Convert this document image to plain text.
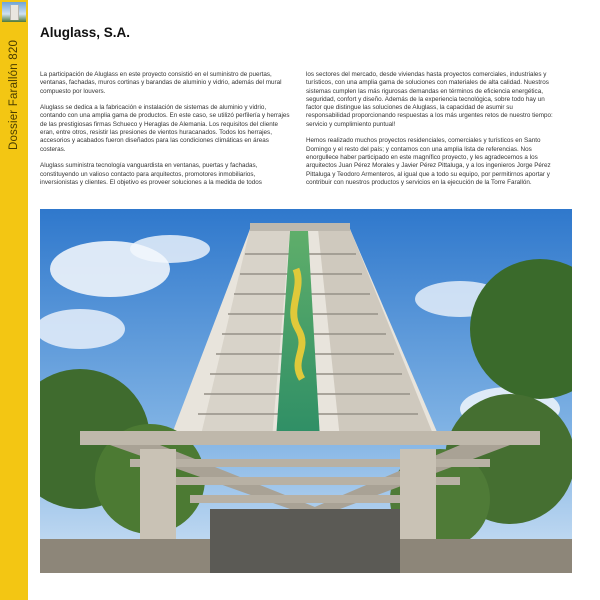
Dossier Farallón 820
Aluglass, S.A.

La participación de Aluglass en este proyecto consistió en el suministro de puertas, ventanas, fachadas, muros cortinas y barandas de aluminio y vidrio, además del mural compuesto por louvers.

Aluglass se dedica a la fabricación e instalación de sistemas de aluminio y vidrio, contando con una amplia gama de productos. En este caso, se utilizó perfilería y herrajes de las prestigiosas firmas Schueco y Heraglas de Alemania. Los requisitos del cliente eran, entre otros, resistir las presiones de vientos huracanados. Todos los herrajes, accesorios y acabados fueron diseñados para las condiciones climáticas en áreas costeras.

Aluglass suministra tecnología vanguardista en ventanas, puertas y fachadas, constituyendo un valioso contacto para arquitectos, promotores inmobiliarios, inversionistas y clientes. El objetivo es proveer soluciones a la medida de todos

los sectores del mercado, desde viviendas hasta proyectos comerciales, industriales y turísticos, con una amplia gama de soluciones con materiales de alta calidad. Nuestros sistemas cumplen las más rigurosas demandas en términos de eficiencia energética, seguridad, confort y diseño. Además de la experiencia tecnológica, sobre todo hay un factor que distingue las soluciones de Aluglass, la capacidad de asumir su responsabilidad proporcionando respuestas a los más urgentes retos de nuestro tiempo: servicio y cumplimiento puntual!

Hemos realizado muchos proyectos residenciales, comerciales y turísticos en Santo Domingo y el resto del país; y contamos con una amplia lista de referencias. Nos enorgullece haber participado en este magnífico proyecto, y les agradecemos a los arquitectos Juan Pérez Morales y Javier Pérez Pittaluga, y a los ingenieros Jorge Pérez Pittaluga y Teodoro Armenteros, al igual que a todo su equipo, por permitirnos aportar y contribuir con nuestros productos y servicios en la ejecución de la Torre Farallón.
